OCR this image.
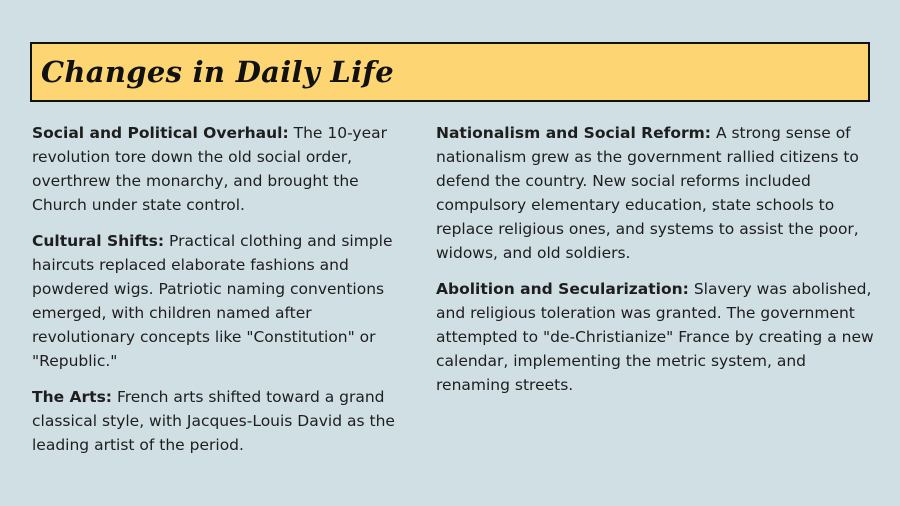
Changes in Daily Life

Social and Political Overhaul: The 10-year revolution tore down the old social order, overthrew the monarchy, and brought the Church under state control.

Cultural Shifts: Practical clothing and simple haircuts replaced elaborate fashions and powdered wigs. Patriotic naming conventions emerged, with children named after revolutionary concepts like "Constitution" or "Republic."

The Arts: French arts shifted toward a grand classical style, with Jacques-Louis David as the leading artist of the period.

Nationalism and Social Reform: A strong sense of nationalism grew as the government rallied citizens to defend the country. New social reforms included compulsory elementary education, state schools to replace religious ones, and systems to assist the poor, widows, and old soldiers.

Abolition and Secularization: Slavery was abolished, and religious toleration was granted. The government attempted to "de-Christianize" France by creating a new calendar, implementing the metric system, and renaming streets.
